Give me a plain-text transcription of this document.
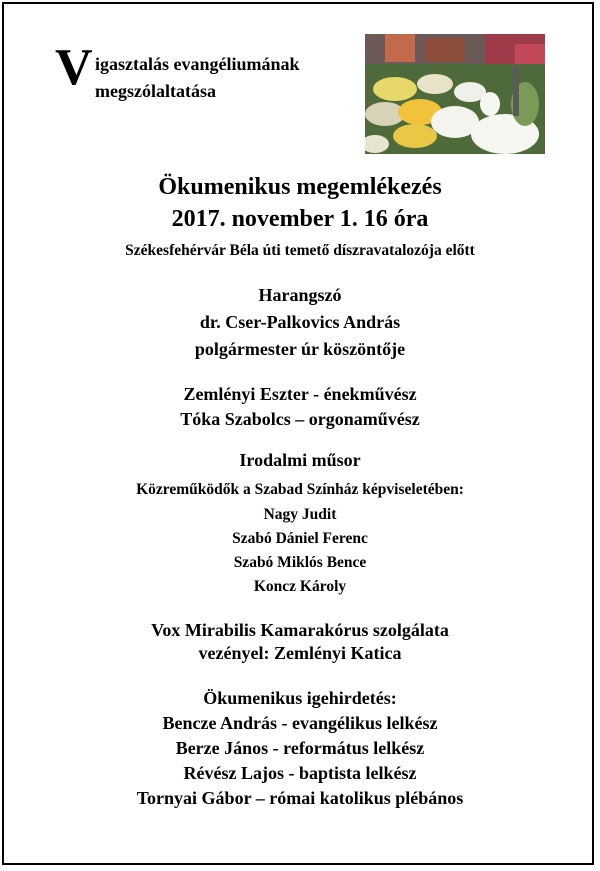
V igasztalás evangéliumának
megszólaltatása
Ökumenikus megemlékezés
2017. november 1. 16 óra
Székesfehérvár Béla úti temető díszravatalozója előtt
Harangszó
dr. Cser-Palkovics András
polgármester úr köszöntője
Zemlényi Eszter - énekművész
Tóka Szabolcs – orgonaművész
Irodalmi műsor
Közreműködők a Szabad Színház képviseletében:
Nagy Judit
Szabó Dániel Ferenc
Szabó Miklós Bence
Koncz Károly
Vox Mirabilis Kamarakórus szolgálata
vezényel: Zemlényi Katica
Ökumenikus igehirdetés:
Bencze András - evangélikus lelkész
Berze János - református lelkész
Révész Lajos - baptista lelkész
Tornyai Gábor – római katolikus plébános
